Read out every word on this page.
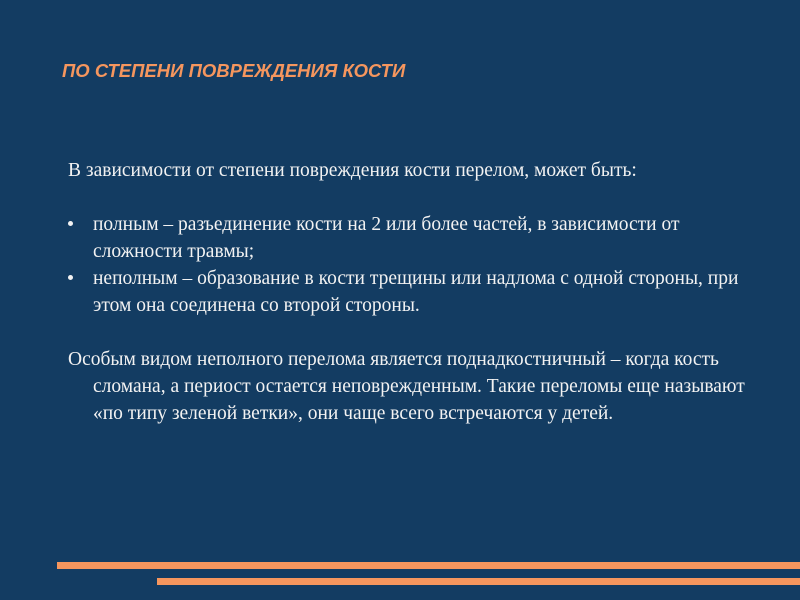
ПО СТЕПЕНИ ПОВРЕЖДЕНИЯ КОСТИ

В зависимости от степени повреждения кости перелом, может быть:

полным – разъединение кости на 2 или более частей, в зависимости от сложности травмы;
неполным – образование в кости трещины или надлома с одной стороны, при этом она соединена со второй стороны.

Особым видом неполного перелома является поднадкостничный – когда кость сломана, а периост остается неповрежденным. Такие переломы еще называют «по типу зеленой ветки», они чаще всего встречаются у детей.
